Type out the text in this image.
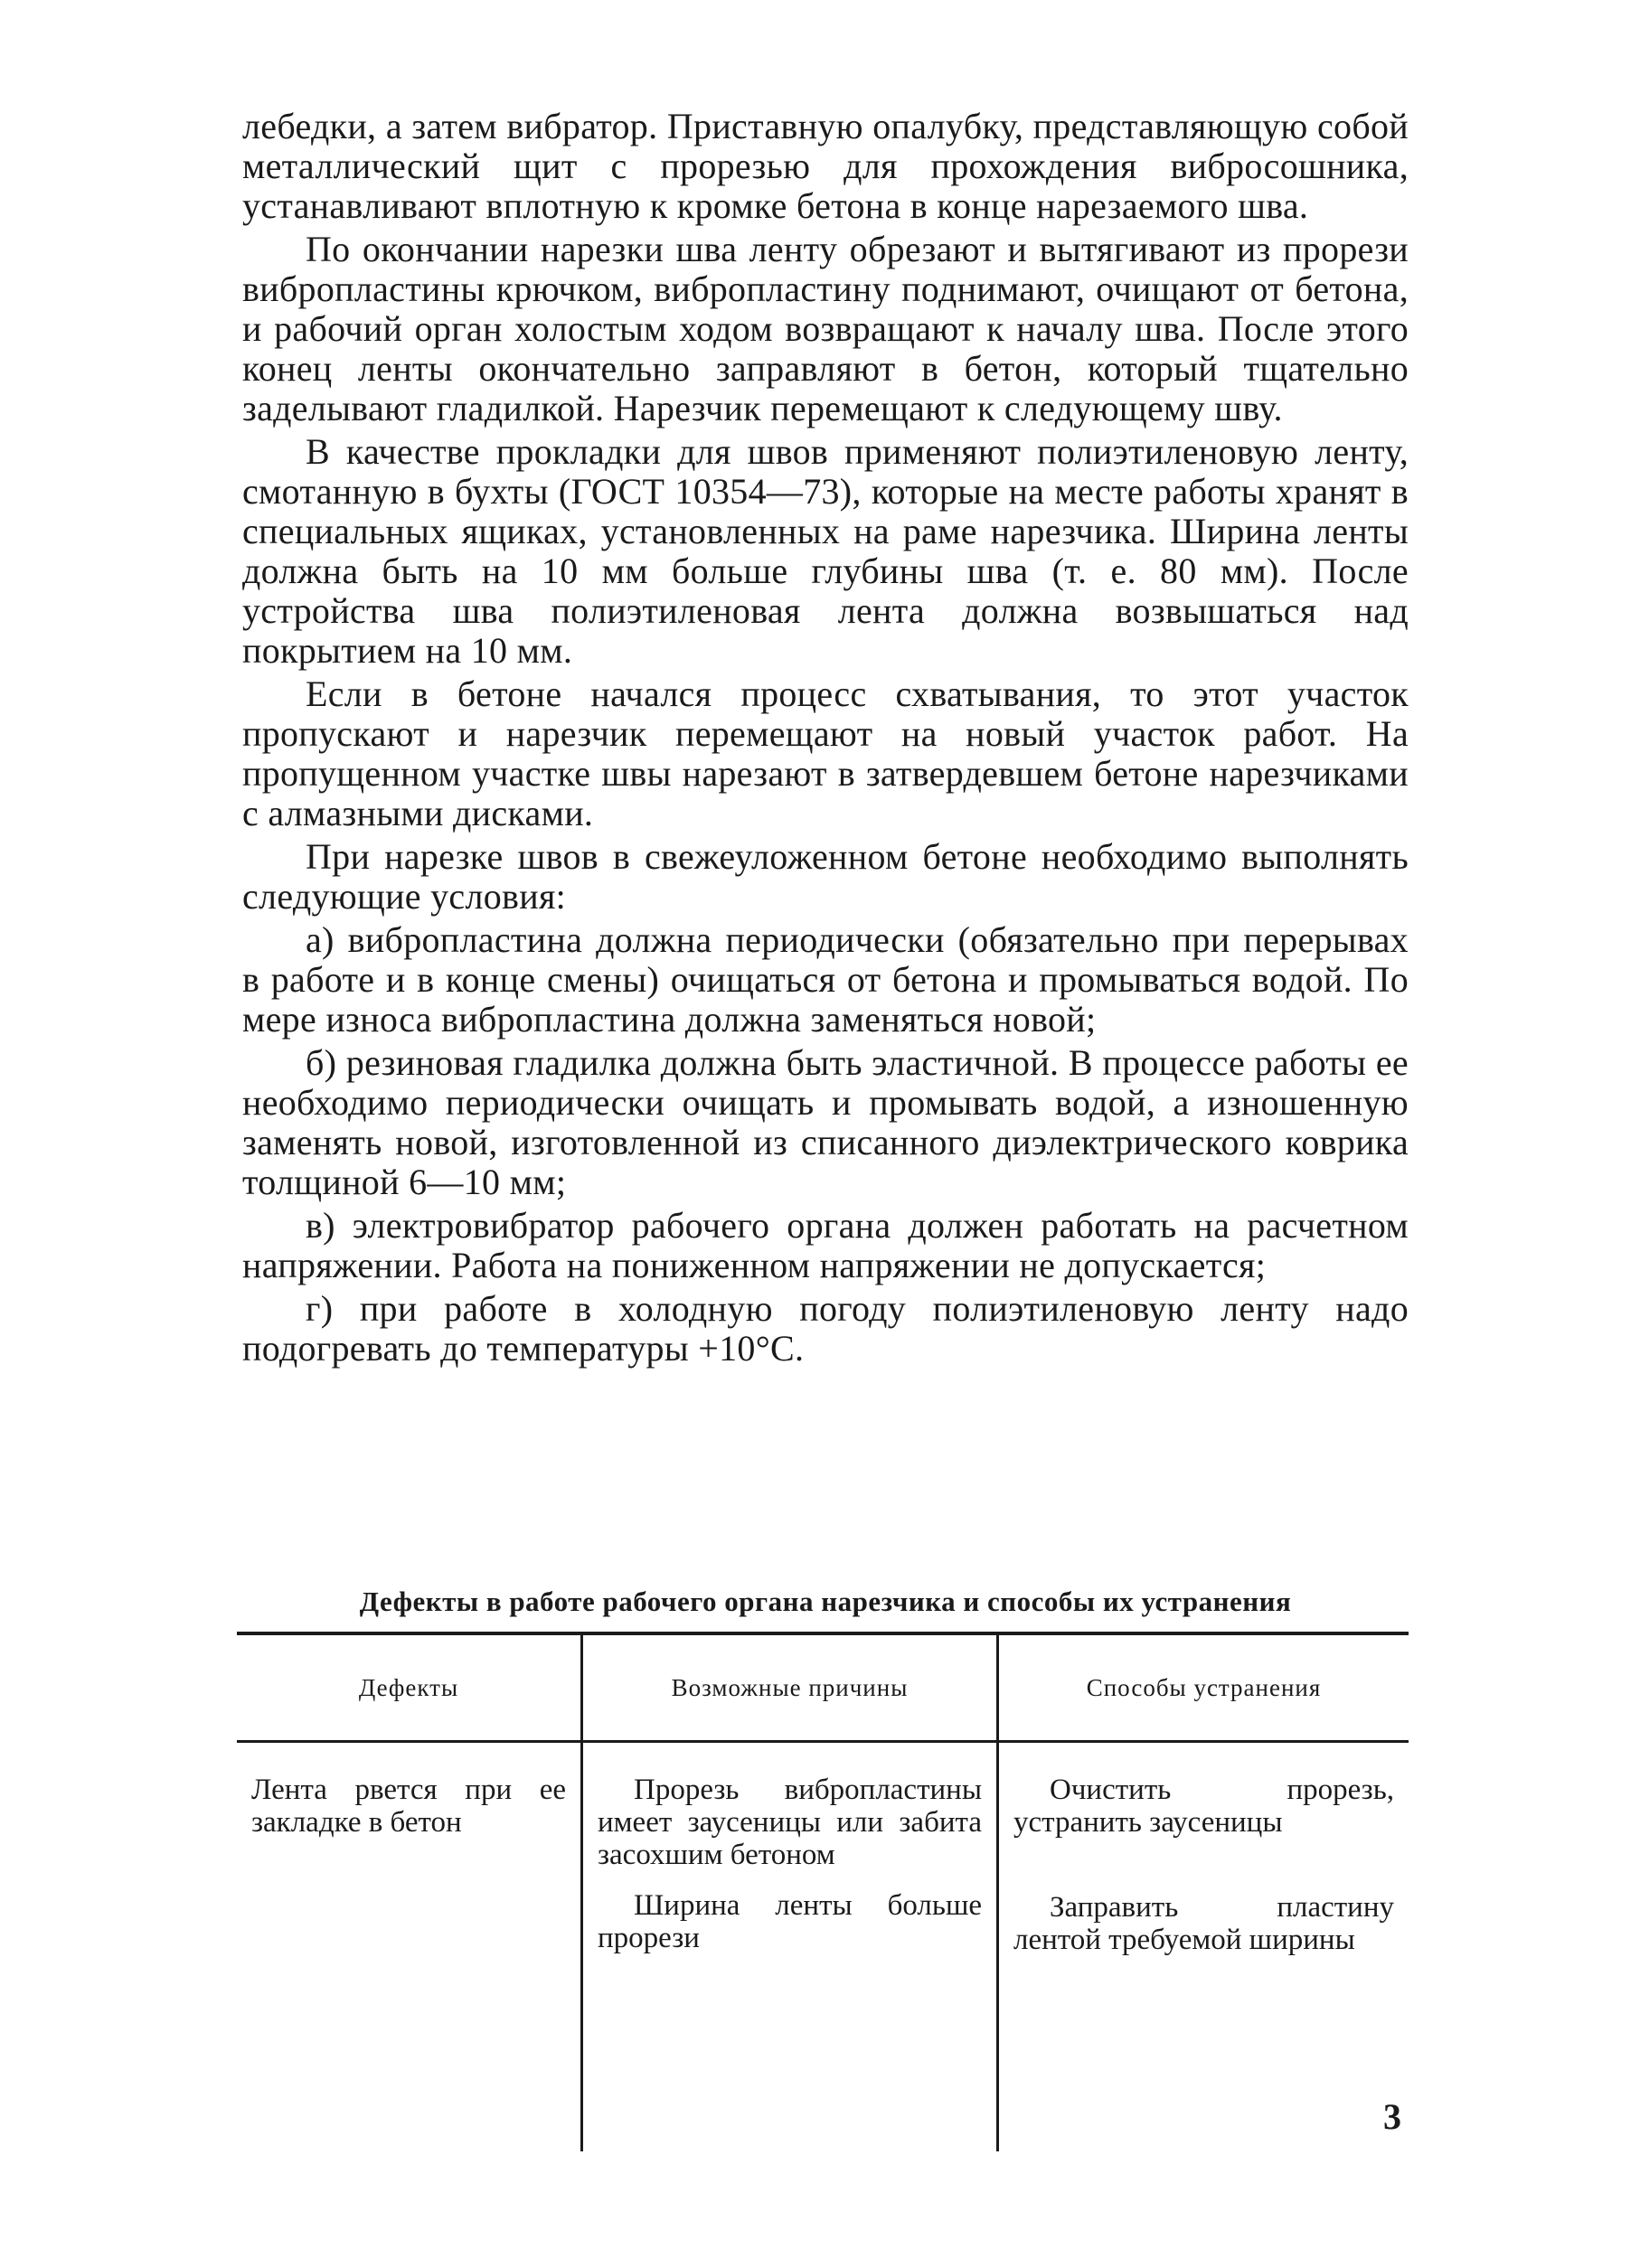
лебедки, а затем вибратор. Приставную опалубку, представляющую собой металлический щит с прорезью для прохождения вибросошника, устанавливают вплотную к кромке бетона в конце нарезаемого шва.

По окончании нарезки шва ленту обрезают и вытягивают из прорези вибропластины крючком, вибропластину поднимают, очищают от бетона, и рабочий орган холостым ходом возвращают к началу шва. После этого конец ленты окончательно заправляют в бетон, который тщательно заделывают гладилкой. Нарезчик перемещают к следующему шву.

В качестве прокладки для швов применяют полиэтиленовую ленту, смотанную в бухты (ГОСТ 10354—73), которые на месте работы хранят в специальных ящиках, установленных на раме нарезчика. Ширина ленты должна быть на 10 мм больше глубины шва (т. е. 80 мм). После устройства шва полиэтиленовая лента должна возвышаться над покрытием на 10 мм.

Если в бетоне начался процесс схватывания, то этот участок пропускают и нарезчик перемещают на новый участок работ. На пропущенном участке швы нарезают в затвердевшем бетоне нарезчиками с алмазными дисками.

При нарезке швов в свежеуложенном бетоне необходимо выполнять следующие условия:

а) вибропластина должна периодически (обязательно при перерывах в работе и в конце смены) очищаться от бетона и промываться водой. По мере износа вибропластина должна заменяться новой;

б) резиновая гладилка должна быть эластичной. В процессе работы ее необходимо периодически очищать и промывать водой, а изношенную заменять новой, изготовленной из списанного диэлектрического коврика толщиной 6—10 мм;

в) электровибратор рабочего органа должен работать на расчетном напряжении. Работа на пониженном напряжении не допускается;

г) при работе в холодную погоду полиэтиленовую ленту надо подогревать до температуры +10°С.

Дефекты в работе рабочего органа нарезчика и способы их устранения
Дефекты	Возможные причины	Способы устранения

Лента рвется при ее закладке в бетон

Прорезь вибропластины имеет заусеницы или забита засохшим бетоном

Ширина ленты больше прорези

Очистить прорезь, устранить заусеницы

Заправить пластину лентой требуемой ширины

3
